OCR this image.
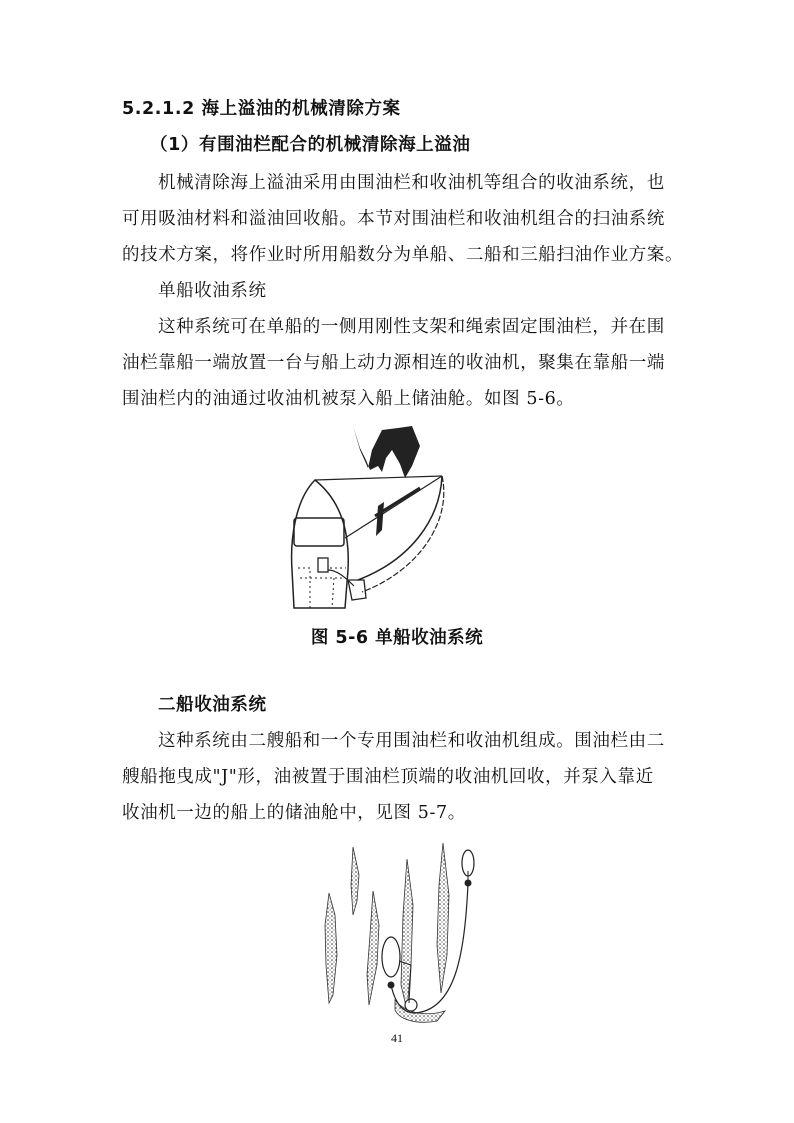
5.2.1.2 海上溢油的机械清除方案
（1）有围油栏配合的机械清除海上溢油
机械清除海上溢油采用由围油栏和收油机等组合的收油系统，也
可用吸油材料和溢油回收船。本节对围油栏和收油机组合的扫油系统
的技术方案，将作业时所用船数分为单船、二船和三船扫油作业方案。
单船收油系统
这种系统可在单船的一侧用刚性支架和绳索固定围油栏，并在围
油栏靠船一端放置一台与船上动力源相连的收油机，聚集在靠船一端
围油栏内的油通过收油机被泵入船上储油舱。如图 5-6。
图 5-6 单船收油系统
二船收油系统
这种系统由二艘船和一个专用围油栏和收油机组成。围油栏由二
艘船拖曳成"J"形，油被置于围油栏顶端的收油机回收，并泵入靠近
收油机一边的船上的储油舱中，见图 5-7。
41
